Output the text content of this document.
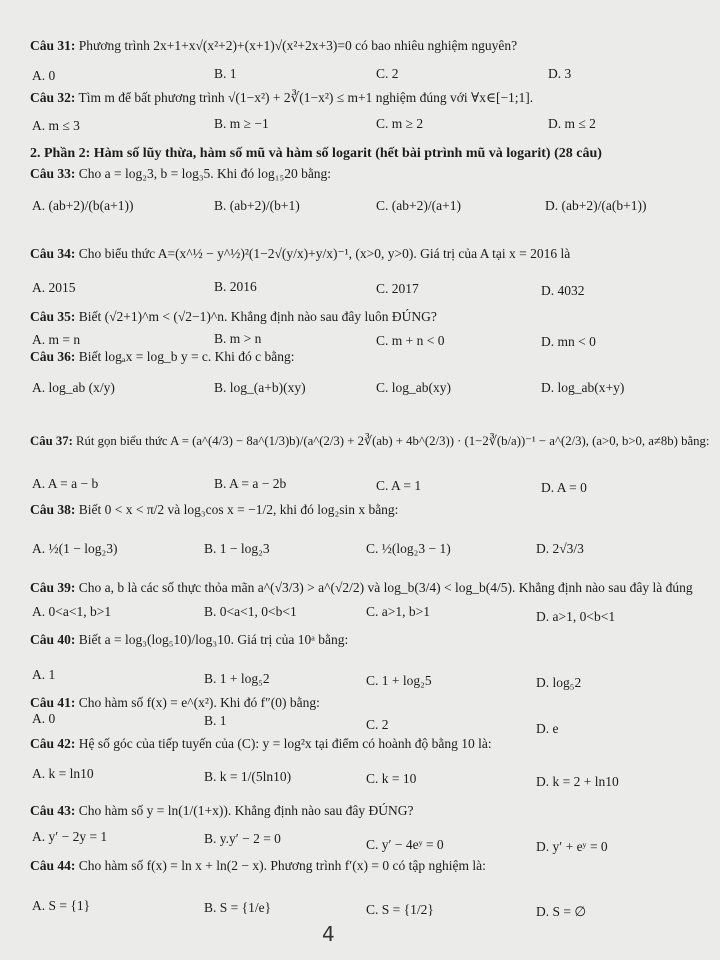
Câu 31: Phương trình 2x+1+x√(x²+2)+(x+1)√(x²+2x+3)=0 có bao nhiêu nghiệm nguyên?
A. 0	B. 1	C. 2	D. 3
Câu 32: Tìm m để bất phương trình √(1−x²) + 2∛(1−x²) ≤ m+1 nghiệm đúng với ∀x∈[−1;1].
A. m ≤ 3	B. m ≥ −1	C. m ≥ 2	D. m ≤ 2
2. Phần 2: Hàm số lũy thừa, hàm số mũ và hàm số logarit (hết bài ptrình mũ và logarit) (28 câu)
Câu 33: Cho a = log₂3, b = log₃5. Khi đó log₁₅20 bằng:
A. (ab+2)/(b(a+1))	B. (ab+2)/(b+1)	C. (ab+2)/(a+1)	D. (ab+2)/(a(b+1))
Câu 34: Cho biểu thức A=(x^½ − y^½)²(1−2√(y/x)+y/x)⁻¹, (x>0, y>0). Giá trị của A tại x = 2016 là
A. 2015	B. 2016	C. 2017	D. 4032
Câu 35: Biết (√2+1)^m < (√2−1)^n. Khẳng định nào sau đây luôn ĐÚNG?
A. m = n	B. m > n	C. m + n < 0	D. mn < 0
Câu 36: Biết logₐx = log_b y = c. Khi đó c bằng:
A. log_ab (x/y)	B. log_(a+b)(xy)	C. log_ab(xy)	D. log_ab(x+y)
Câu 37: Rút gọn biểu thức A = (a^(4/3) − 8a^(1/3)b)/(a^(2/3) + 2∛(ab) + 4b^(2/3)) · (1−2∛(b/a))⁻¹ − a^(2/3), (a>0, b>0, a≠8b) bằng:
A. A = a − b	B. A = a − 2b	C. A = 1	D. A = 0
Câu 38: Biết 0 < x < π/2 và log₃cos x = −1/2, khi đó log₂sin x bằng:
A. ½(1 − log₂3)	B. 1 − log₂3	C. ½(log₂3 − 1)	D. 2√3/3
Câu 39: Cho a, b là các số thực thỏa mãn a^(√3/3) > a^(√2/2) và log_b(3/4) < log_b(4/5). Khẳng định nào sau đây là đúng
A. 0<a<1, b>1	B. 0<a<1, 0<b<1	C. a>1, b>1	D. a>1, 0<b<1
Câu 40: Biết a = log₃(log₅10)/log₃10. Giá trị của 10ᵃ bằng:
A. 1	B. 1 + log₅2	C. 1 + log₂5	D. log₅2
Câu 41: Cho hàm số f(x) = e^(x²). Khi đó f″(0) bằng:
A. 0	B. 1	C. 2	D. e
Câu 42: Hệ số góc của tiếp tuyến của (C): y = log²x tại điểm có hoành độ bằng 10 là:
A. k = ln10	B. k = 1/(5ln10)	C. k = 10	D. k = 2 + ln10
Câu 43: Cho hàm số y = ln(1/(1+x)). Khẳng định nào sau đây ĐÚNG?
A. y′ − 2y = 1	B. y.y′ − 2 = 0	C. y′ − 4eʸ = 0	D. y′ + eʸ = 0
Câu 44: Cho hàm số f(x) = ln x + ln(2 − x). Phương trình f′(x) = 0 có tập nghiệm là:
A. S = {1}	B. S = {1/e}	C. S = {1/2}	D. S = ∅
4
